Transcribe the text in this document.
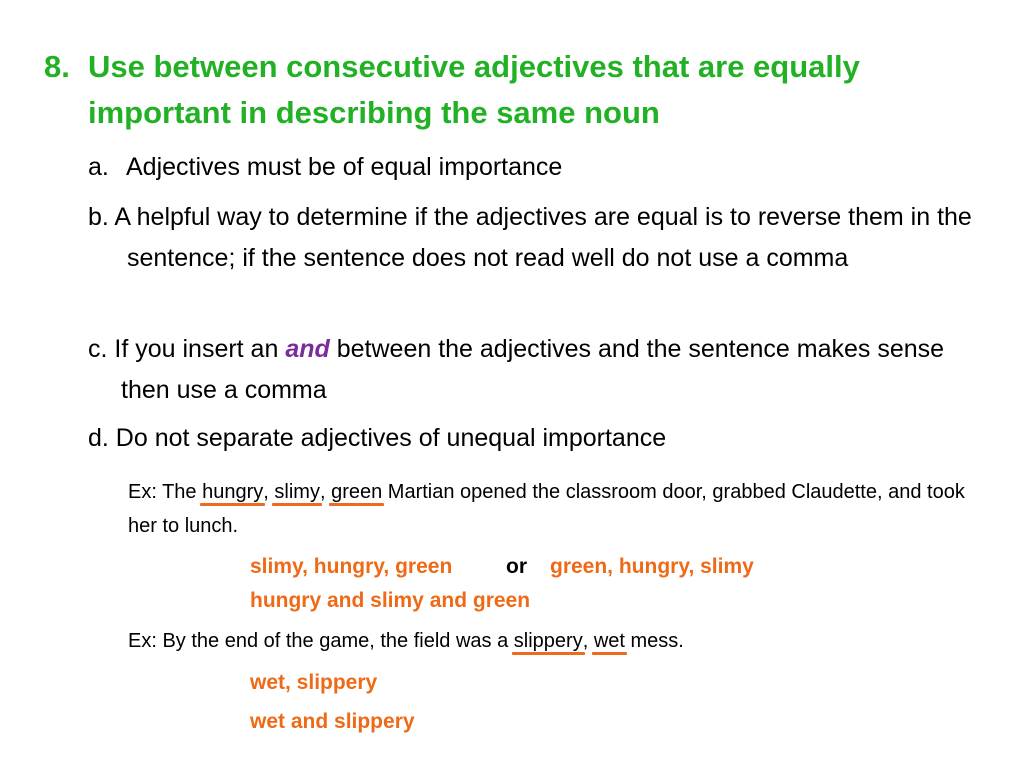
8. Use between consecutive adjectives that are equally important in describing the same noun
a. Adjectives must be of equal importance
b. A helpful way to determine if the adjectives are equal is to reverse them in the sentence; if the sentence does not read well do not use a comma
c. If you insert an and between the adjectives and the sentence makes sense then use a comma
d. Do not separate adjectives of unequal importance
Ex: The hungry, slimy, green Martian opened the classroom door, grabbed Claudette, and took her to lunch.
slimy, hungry, green	or green, hungry, slimy
hungry and slimy and green
Ex: By the end of the game, the field was a slippery, wet mess.
wet, slippery
wet and slippery
